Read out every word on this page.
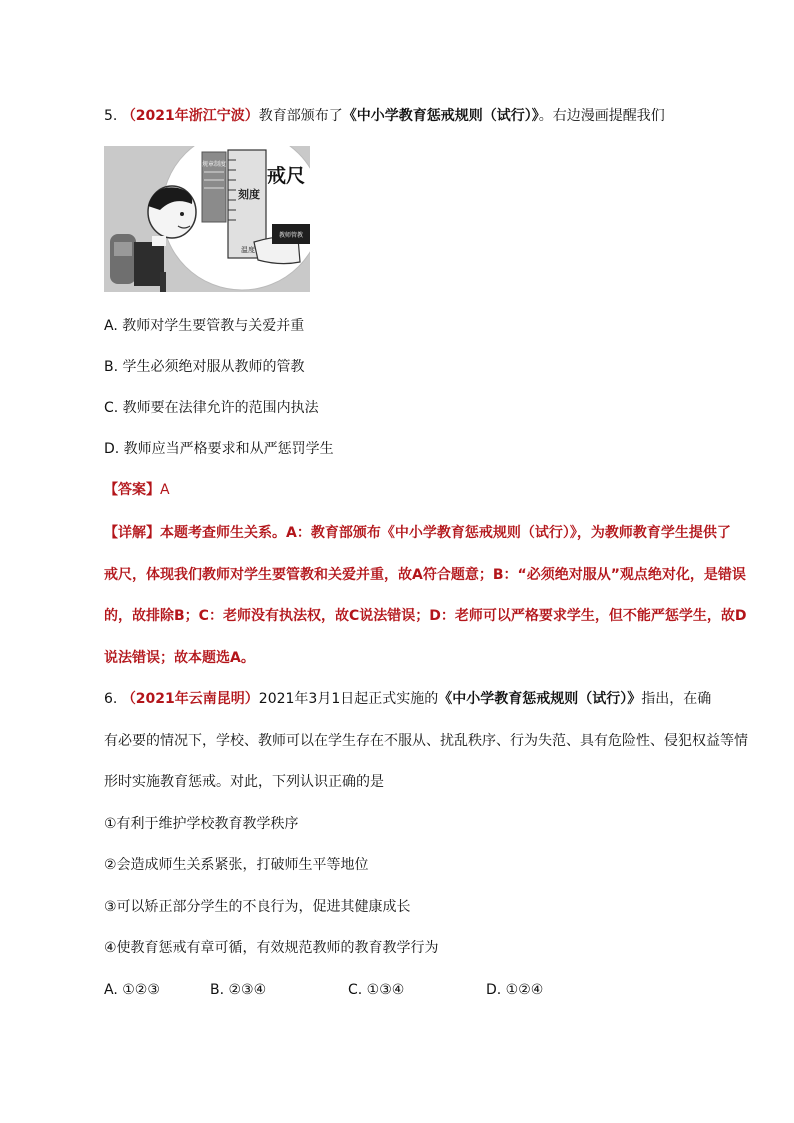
5. （2021年浙江宁波）教育部颁布了《中小学教育惩戒规则（试行）》。右边漫画提醒我们
规章制度
刻度
温度
戒尺
教师管教
A. 教师对学生要管教与关爱并重
B. 学生必须绝对服从教师的管教
C. 教师要在法律允许的范围内执法
D. 教师应当严格要求和从严惩罚学生
【答案】A
【详解】本题考查师生关系。A：教育部颁布《中小学教育惩戒规则（试行）》，为教师教育学生提供了
戒尺，体现我们教师对学生要管教和关爱并重，故A符合题意；B：“必须绝对服从”观点绝对化，是错误
的，故排除B；C：老师没有执法权，故C说法错误；D：老师可以严格要求学生，但不能严惩学生，故D
说法错误；故本题选A。
6. （2021年云南昆明）2021年3月1日起正式实施的《中小学教育惩戒规则（试行）》指出，在确
有必要的情况下，学校、教师可以在学生存在不服从、扰乱秩序、行为失范、具有危险性、侵犯权益等情
形时实施教育惩戒。对此，下列认识正确的是
①有利于维护学校教育教学秩序
②会造成师生关系紧张，打破师生平等地位
③可以矫正部分学生的不良行为，促进其健康成长
④使教育惩戒有章可循，有效规范教师的教育教学行为
A. ①②③	B. ②③④	C. ①③④	D. ①②④
